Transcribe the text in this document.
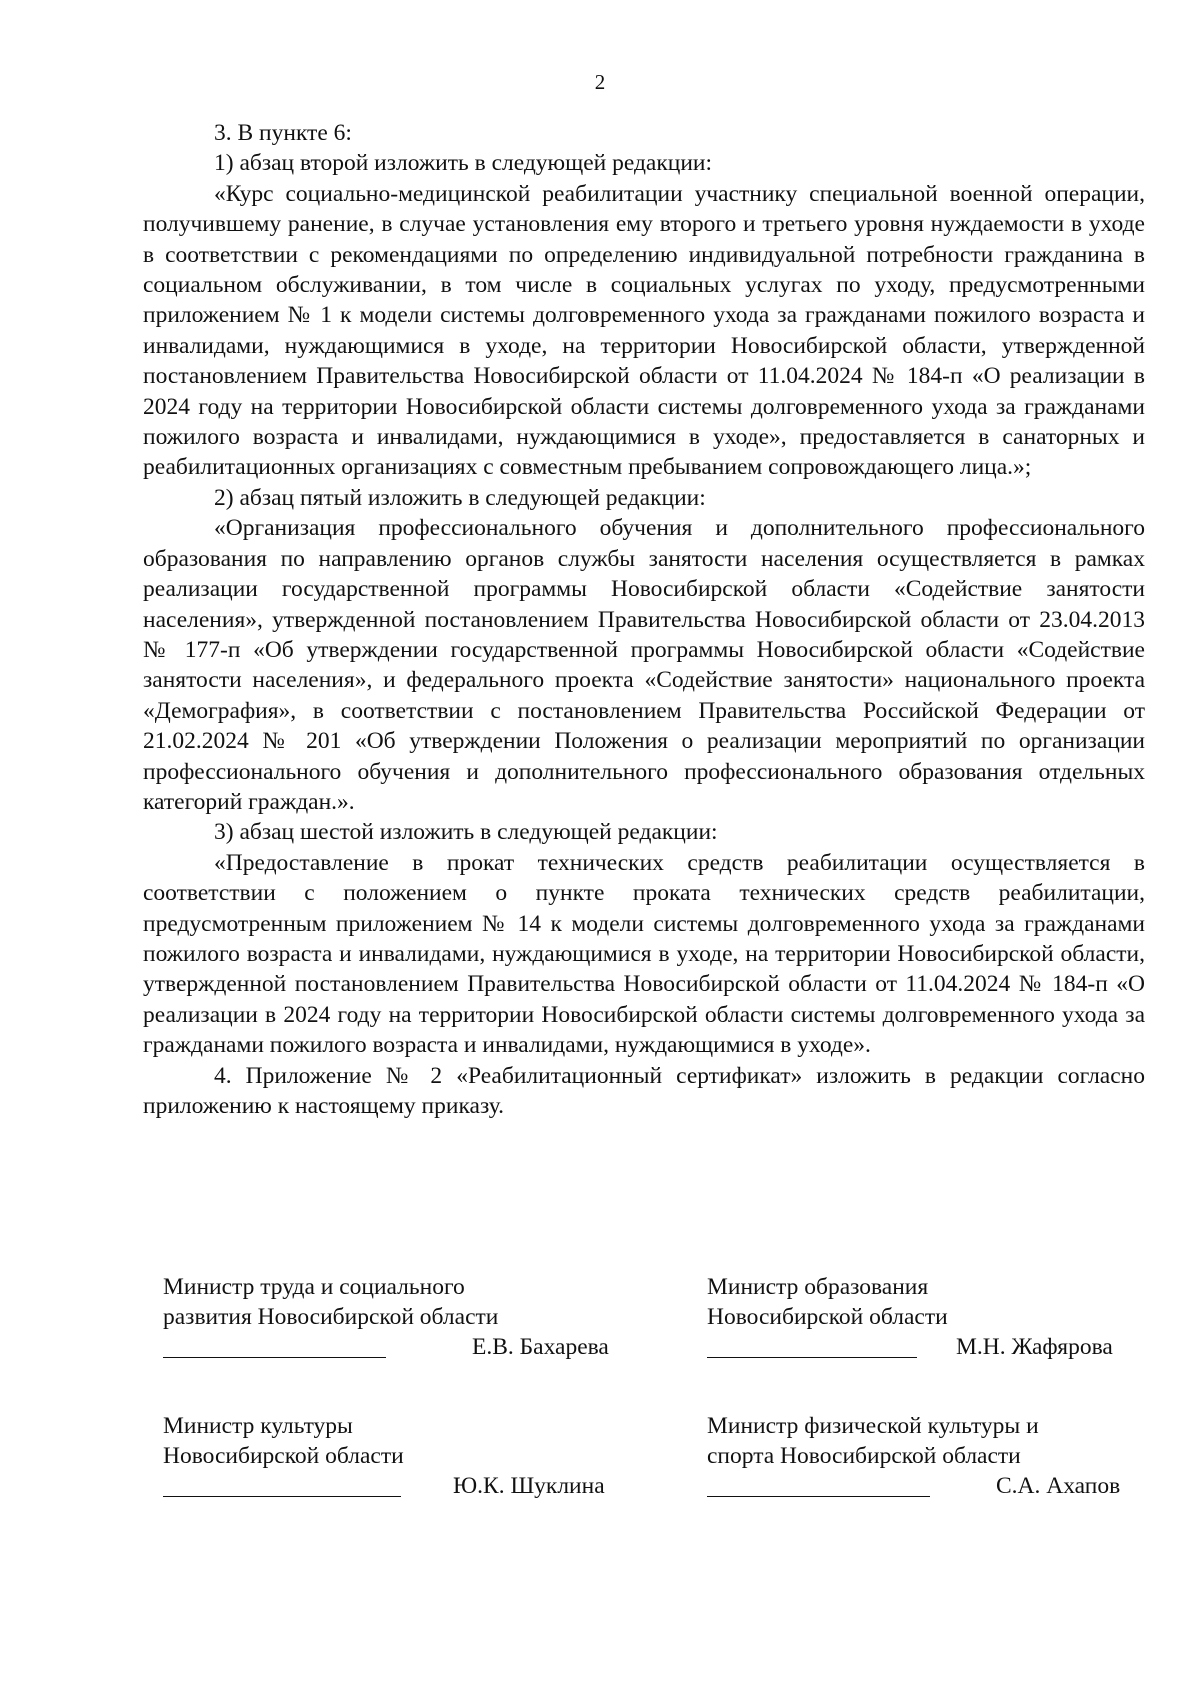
2

3. В пункте 6:

1) абзац второй изложить в следующей редакции:

«Курс социально-медицинской реабилитации участнику специальной военной операции, получившему ранение, в случае установления ему второго и третьего уровня нуждаемости в уходе в соответствии с рекомендациями по определению индивидуальной потребности гражданина в социальном обслуживании, в том числе в социальных услугах по уходу, предусмотренными приложением № 1 к модели системы долговременного ухода за гражданами пожилого возраста и инвалидами, нуждающимися в уходе, на территории Новосибирской области, утвержденной постановлением Правительства Новосибирской области от 11.04.2024 № 184-п «О реализации в 2024 году на территории Новосибирской области системы долговременного ухода за гражданами пожилого возраста и инвалидами, нуждающимися в уходе», предоставляется в санаторных и реабилитационных организациях с совместным пребыванием сопровождающего лица.»;

2) абзац пятый изложить в следующей редакции:

«Организация профессионального обучения и дополнительного профессионального образования по направлению органов службы занятости населения осуществляется в рамках реализации государственной программы Новосибирской области «Содействие занятости населения», утвержденной постановлением Правительства Новосибирской области от 23.04.2013 № 177-п «Об утверждении государственной программы Новосибирской области «Содействие занятости населения», и федерального проекта «Содействие занятости» национального проекта «Демография», в соответствии с постановлением Правительства Российской Федерации от 21.02.2024 № 201 «Об утверждении Положения о реализации мероприятий по организации профессионального обучения и дополнительного профессионального образования отдельных категорий граждан.».

3) абзац шестой изложить в следующей редакции:

«Предоставление в прокат технических средств реабилитации осуществляется в соответствии с положением о пункте проката технических средств реабилитации, предусмотренным приложением № 14 к модели системы долговременного ухода за гражданами пожилого возраста и инвалидами, нуждающимися в уходе, на территории Новосибирской области, утвержденной постановлением Правительства Новосибирской области от 11.04.2024 № 184-п «О реализации в 2024 году на территории Новосибирской области системы долговременного ухода за гражданами пожилого возраста и инвалидами, нуждающимися в уходе».

4. Приложение № 2 «Реабилитационный сертификат» изложить в редакции согласно приложению к настоящему приказу.

Министр труда и социального
развития Новосибирской области
Е.В. Бахарева
Министр образования
Новосибирской области
М.Н. Жафярова
Министр культуры
Новосибирской области
Ю.К. Шуклина
Министр физической культуры и
спорта Новосибирской области
С.А. Ахапов
